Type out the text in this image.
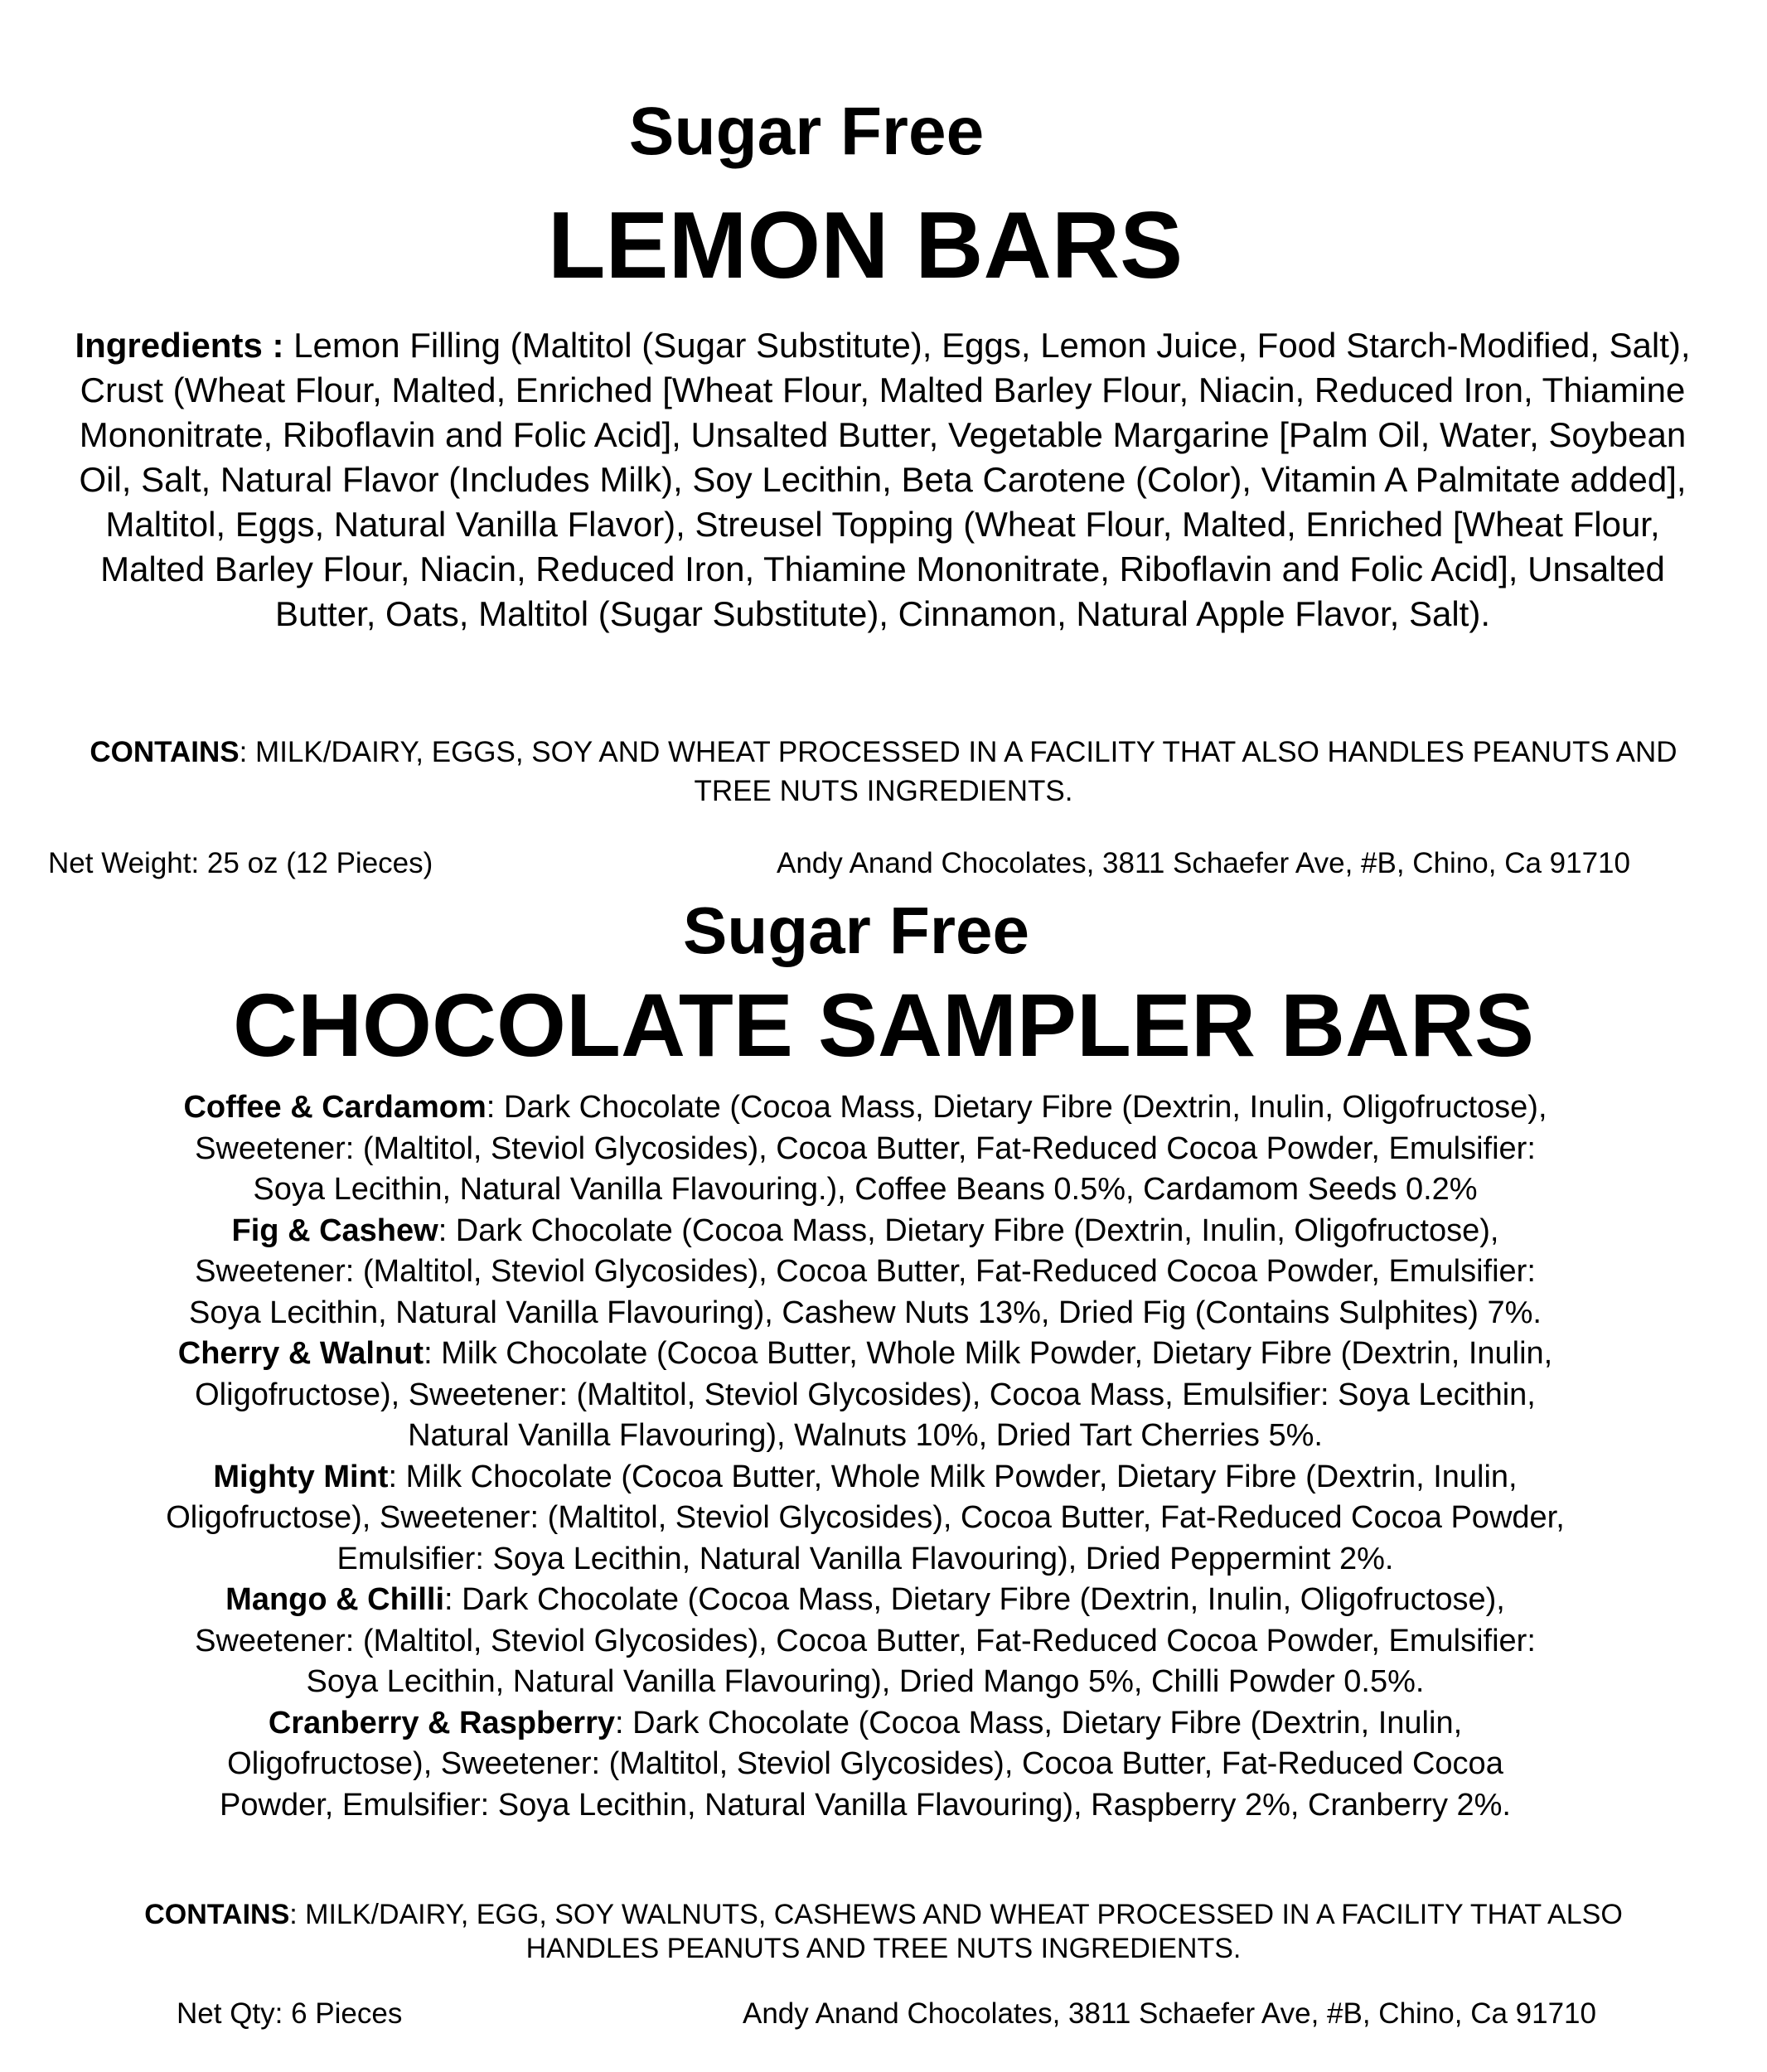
Sugar Free
LEMON BARS
Ingredients : Lemon Filling (Maltitol (Sugar Substitute), Eggs, Lemon Juice, Food Starch-Modified, Salt), Crust (Wheat Flour, Malted, Enriched [Wheat Flour, Malted Barley Flour, Niacin, Reduced Iron, Thiamine Mononitrate, Riboflavin and Folic Acid], Unsalted Butter, Vegetable Margarine [Palm Oil, Water, Soybean Oil, Salt, Natural Flavor (Includes Milk), Soy Lecithin, Beta Carotene (Color), Vitamin A Palmitate added], Maltitol, Eggs, Natural Vanilla Flavor), Streusel Topping (Wheat Flour, Malted, Enriched [Wheat Flour, Malted Barley Flour, Niacin, Reduced Iron, Thiamine Mononitrate, Riboflavin and Folic Acid], Unsalted Butter, Oats, Maltitol (Sugar Substitute), Cinnamon, Natural Apple Flavor, Salt).
CONTAINS: MILK/DAIRY, EGGS, SOY AND WHEAT PROCESSED IN A FACILITY THAT ALSO HANDLES PEANUTS AND TREE NUTS INGREDIENTS.
Net Weight: 25 oz (12 Pieces)	Andy Anand Chocolates, 3811 Schaefer Ave, #B, Chino, Ca 91710
Sugar Free
CHOCOLATE SAMPLER BARS
Coffee & Cardamom: Dark Chocolate (Cocoa Mass, Dietary Fibre (Dextrin, Inulin, Oligofructose),
Sweetener: (Maltitol, Steviol Glycosides), Cocoa Butter, Fat-Reduced Cocoa Powder, Emulsifier:
Soya Lecithin, Natural Vanilla Flavouring.), Coffee Beans 0.5%, Cardamom Seeds 0.2%
Fig & Cashew: Dark Chocolate (Cocoa Mass, Dietary Fibre (Dextrin, Inulin, Oligofructose),
Sweetener: (Maltitol, Steviol Glycosides), Cocoa Butter, Fat-Reduced Cocoa Powder, Emulsifier:
Soya Lecithin, Natural Vanilla Flavouring), Cashew Nuts 13%, Dried Fig (Contains Sulphites) 7%.
Cherry & Walnut: Milk Chocolate (Cocoa Butter, Whole Milk Powder, Dietary Fibre (Dextrin, Inulin,
Oligofructose), Sweetener: (Maltitol, Steviol Glycosides), Cocoa Mass, Emulsifier: Soya Lecithin,
Natural Vanilla Flavouring), Walnuts 10%, Dried Tart Cherries 5%.
Mighty Mint: Milk Chocolate (Cocoa Butter, Whole Milk Powder, Dietary Fibre (Dextrin, Inulin,
Oligofructose), Sweetener: (Maltitol, Steviol Glycosides), Cocoa Butter, Fat-Reduced Cocoa Powder,
Emulsifier: Soya Lecithin, Natural Vanilla Flavouring), Dried Peppermint 2%.
Mango & Chilli: Dark Chocolate (Cocoa Mass, Dietary Fibre (Dextrin, Inulin, Oligofructose),
Sweetener: (Maltitol, Steviol Glycosides), Cocoa Butter, Fat-Reduced Cocoa Powder, Emulsifier:
Soya Lecithin, Natural Vanilla Flavouring), Dried Mango 5%, Chilli Powder 0.5%.
Cranberry & Raspberry: Dark Chocolate (Cocoa Mass, Dietary Fibre (Dextrin, Inulin,
Oligofructose), Sweetener: (Maltitol, Steviol Glycosides), Cocoa Butter, Fat-Reduced Cocoa
Powder, Emulsifier: Soya Lecithin, Natural Vanilla Flavouring), Raspberry 2%, Cranberry 2%.
CONTAINS: MILK/DAIRY, EGG, SOY WALNUTS, CASHEWS AND WHEAT PROCESSED IN A FACILITY THAT ALSO
HANDLES PEANUTS AND TREE NUTS INGREDIENTS.
Net Qty: 6 Pieces	Andy Anand Chocolates, 3811 Schaefer Ave, #B, Chino, Ca 91710
